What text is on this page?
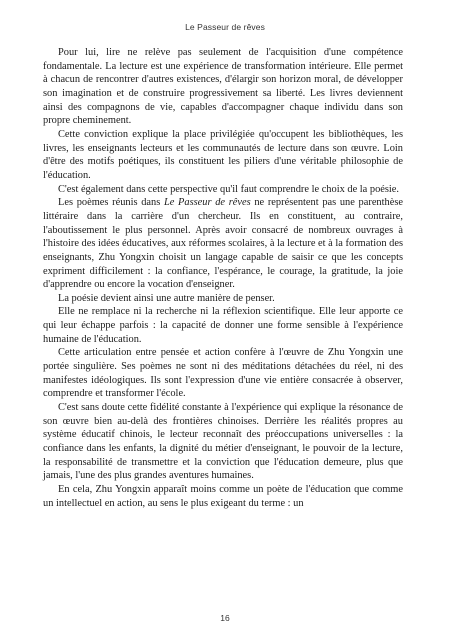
Le Passeur de rêves

Pour lui, lire ne relève pas seulement de l'acquisition d'une compétence fondamentale. La lecture est une expérience de transformation intérieure. Elle permet à chacun de rencontrer d'autres existences, d'élargir son horizon moral, de développer son imagination et de construire progressivement sa liberté. Les livres deviennent ainsi des compagnons de vie, capables d'accompagner chaque individu dans son propre cheminement.

Cette conviction explique la place privilégiée qu'occupent les bibliothèques, les livres, les enseignants lecteurs et les communautés de lecture dans son œuvre. Loin d'être des motifs poétiques, ils constituent les piliers d'une véritable philosophie de l'éducation.

C'est également dans cette perspective qu'il faut comprendre le choix de la poésie.

Les poèmes réunis dans Le Passeur de rêves ne représentent pas une parenthèse littéraire dans la carrière d'un chercheur. Ils en constituent, au contraire, l'aboutissement le plus personnel. Après avoir consacré de nombreux ouvrages à l'histoire des idées éducatives, aux réformes scolaires, à la lecture et à la formation des enseignants, Zhu Yongxin choisit un langage capable de saisir ce que les concepts expriment difficilement : la confiance, l'espérance, le courage, la gratitude, la joie d'apprendre ou encore la vocation d'enseigner.

La poésie devient ainsi une autre manière de penser.

Elle ne remplace ni la recherche ni la réflexion scientifique. Elle leur apporte ce qui leur échappe parfois : la capacité de donner une forme sensible à l'expérience humaine de l'éducation.

Cette articulation entre pensée et action confère à l'œuvre de Zhu Yongxin une portée singulière. Ses poèmes ne sont ni des méditations détachées du réel, ni des manifestes idéologiques. Ils sont l'expression d'une vie entière consacrée à observer, comprendre et transformer l'école.

C'est sans doute cette fidélité constante à l'expérience qui explique la résonance de son œuvre bien au-delà des frontières chinoises. Derrière les réalités propres au système éducatif chinois, le lecteur reconnaît des préoccupations universelles : la confiance dans les enfants, la dignité du métier d'enseignant, le pouvoir de la lecture, la responsabilité de transmettre et la conviction que l'éducation demeure, plus que jamais, l'une des plus grandes aventures humaines.

En cela, Zhu Yongxin apparaît moins comme un poète de l'éducation que comme un intellectuel en action, au sens le plus exigeant du terme : un

16
